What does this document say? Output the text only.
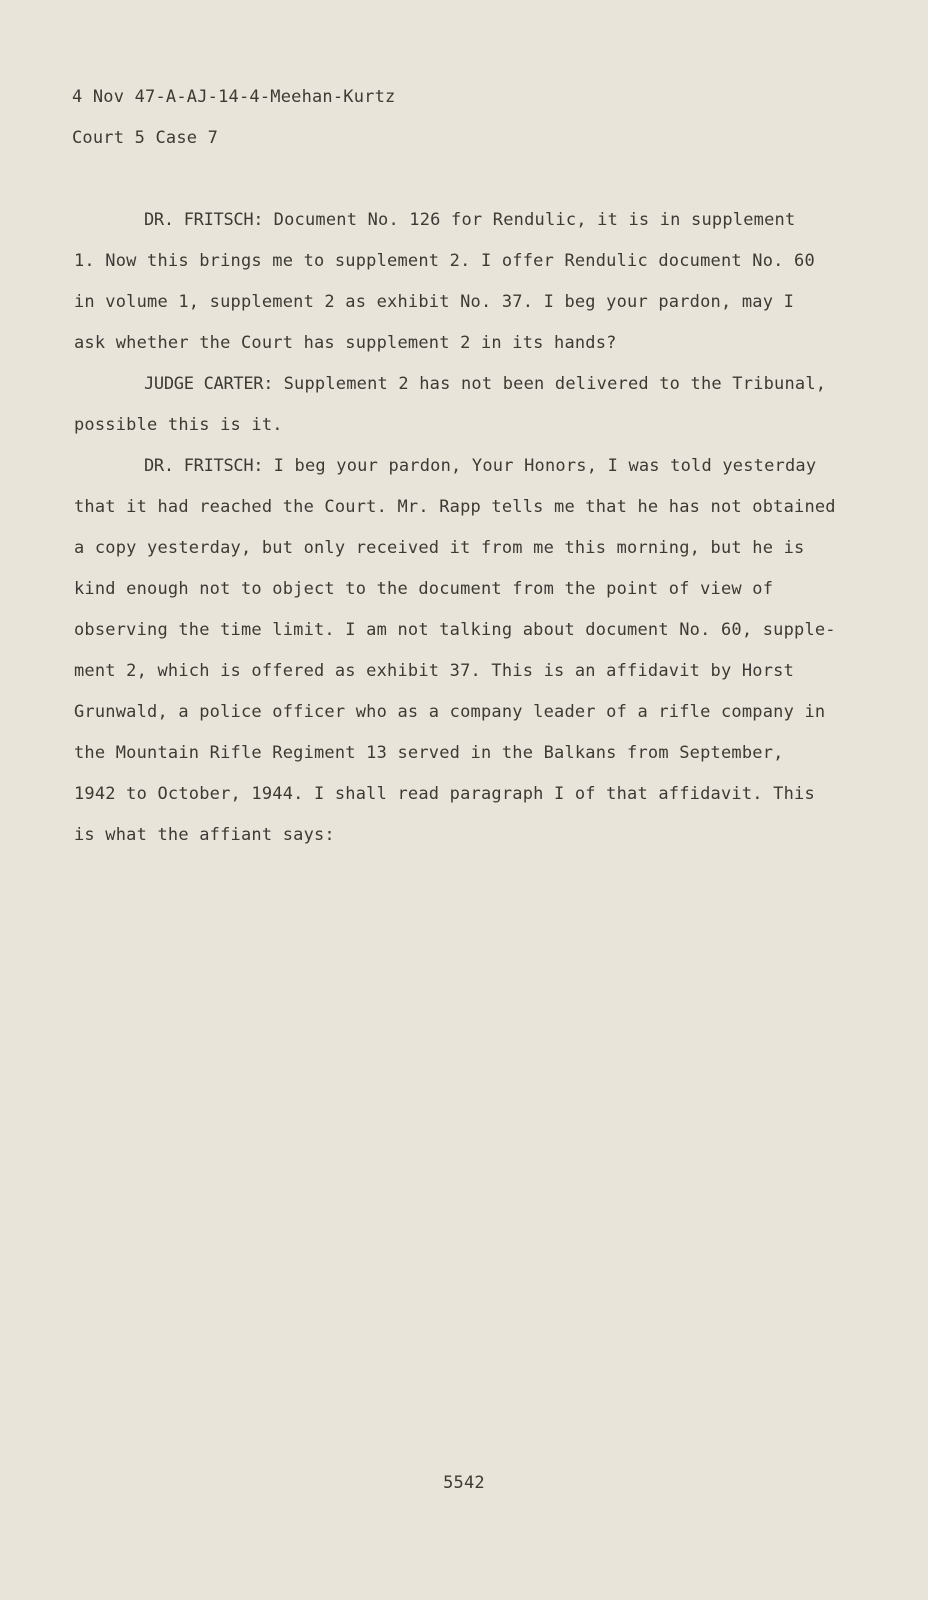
4 Nov 47-A-AJ-14-4-Meehan-Kurtz
Court 5 Case 7
DR. FRITSCH: Document No. 126 for Rendulic, it is in supplement
1. Now this brings me to supplement 2. I offer Rendulic document No. 60
in volume 1, supplement 2 as exhibit No. 37. I beg your pardon, may I
ask whether the Court has supplement 2 in its hands?
JUDGE CARTER: Supplement 2 has not been delivered to the Tribunal,
possible this is it.
DR. FRITSCH: I beg your pardon, Your Honors, I was told yesterday
that it had reached the Court. Mr. Rapp tells me that he has not obtained
a copy yesterday, but only received it from me this morning, but he is
kind enough not to object to the document from the point of view of
observing the time limit. I am not talking about document No. 60, supple-
ment 2, which is offered as exhibit 37. This is an affidavit by Horst
Grunwald, a police officer who as a company leader of a rifle company in
the Mountain Rifle Regiment 13 served in the Balkans from September,
1942 to October, 1944. I shall read paragraph I of that affidavit. This
is what the affiant says:
5542
